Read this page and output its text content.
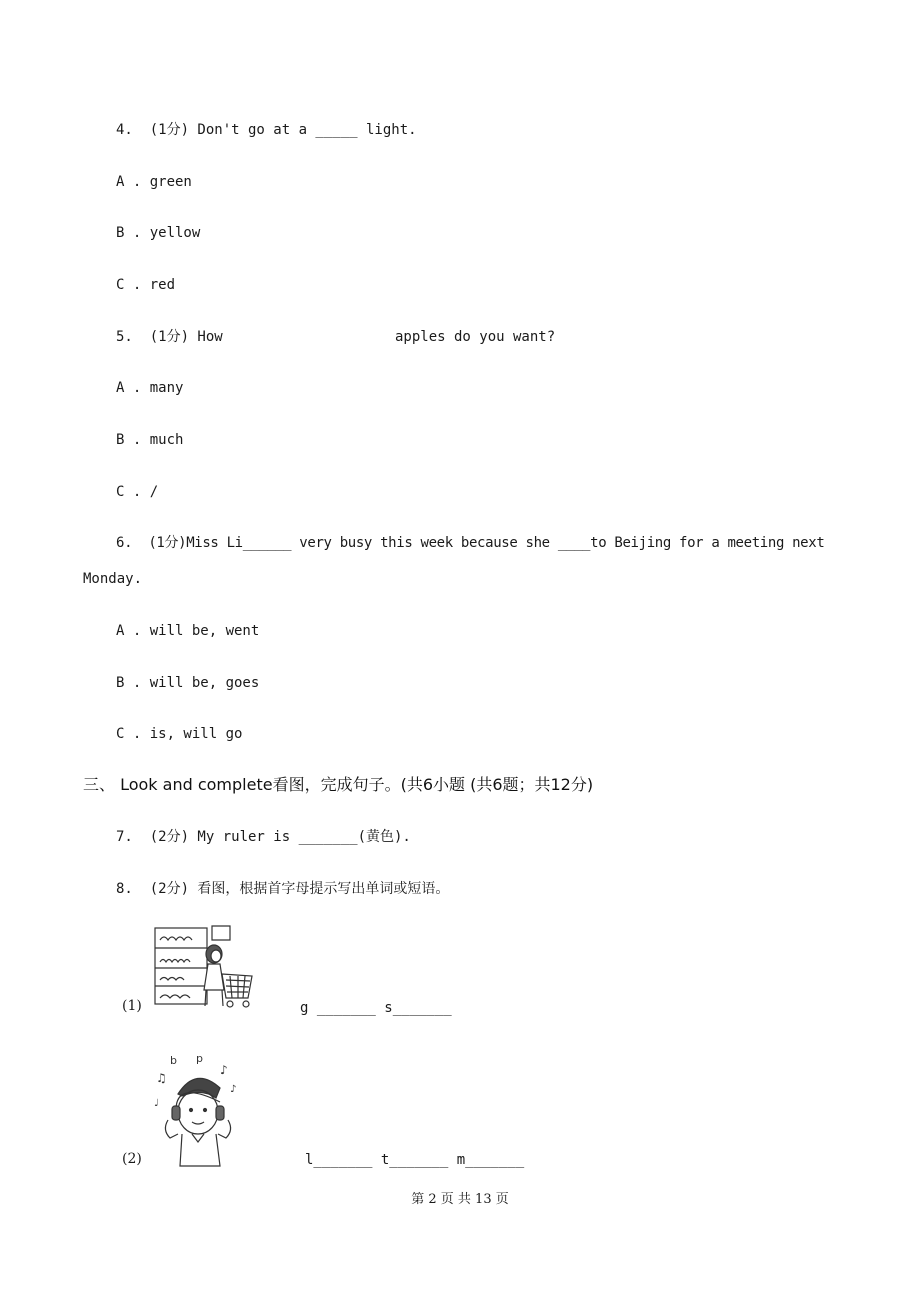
4.  (1分) Don't go at a _____ light.
A . green
B . yellow
C . red
5.  (1分) How	apples do you want?
A . many
B . much
C . /
6.  (1分)Miss Li______ very busy this week because she ____to Beijing for a meeting next
Monday.
A . will be, went
B . will be, goes
C . is, will go
三、 Look and complete看图，完成句子。(共6小题 (共6题；共12分)
7.  (2分) My ruler is _______(黄色).
8.  (2分) 看图，根据首字母提示写出单词或短语。
(1)	g _______ s_______
b p
♪
♫
♪
♩
(2)	l_______ t_______ m_______
第 2 页 共 13 页
